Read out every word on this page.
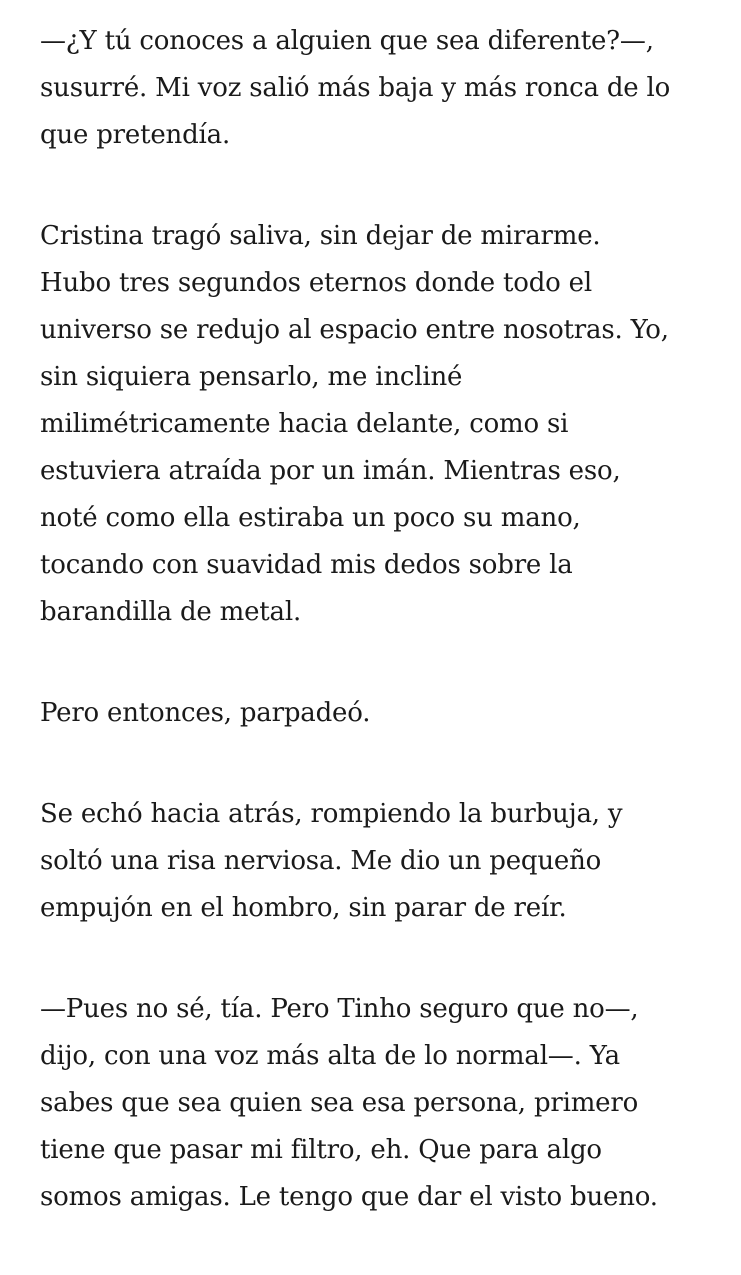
—¿Y tú conoces a alguien que sea diferente?—,
susurré. Mi voz salió más baja y más ronca de lo
que pretendía.

Cristina tragó saliva, sin dejar de mirarme.
Hubo tres segundos eternos donde todo el
universo se redujo al espacio entre nosotras. Yo,
sin siquiera pensarlo, me incliné
milimétricamente hacia delante, como si
estuviera atraída por un imán. Mientras eso,
noté como ella estiraba un poco su mano,
tocando con suavidad mis dedos sobre la
barandilla de metal.

Pero entonces, parpadeó.

Se echó hacia atrás, rompiendo la burbuja, y
soltó una risa nerviosa. Me dio un pequeño
empujón en el hombro, sin parar de reír.

—Pues no sé, tía. Pero Tinho seguro que no—,
dijo, con una voz más alta de lo normal—. Ya
sabes que sea quien sea esa persona, primero
tiene que pasar mi filtro, eh. Que para algo
somos amigas. Le tengo que dar el visto bueno.
